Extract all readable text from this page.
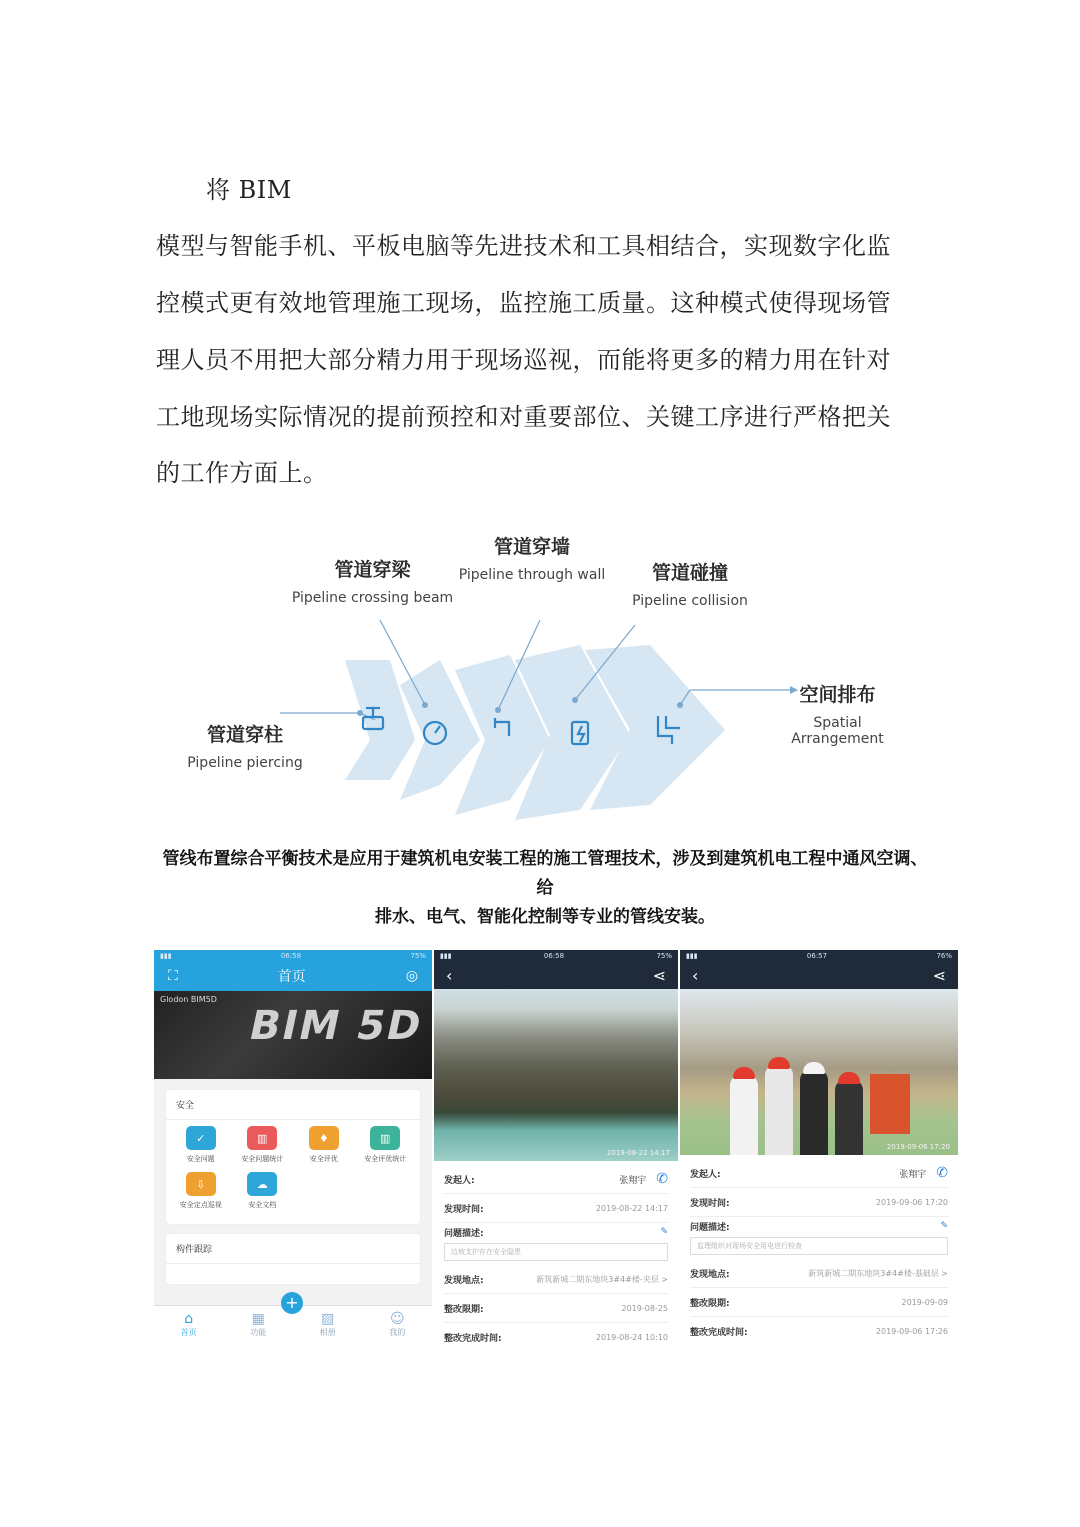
将 BIM
模型与智能手机、平板电脑等先进技术和工具相结合，实现数字化监
控模式更有效地管理施工现场，监控施工质量。这种模式使得现场管
理人员不用把大部分精力用于现场巡视，而能将更多的精力用在针对
工地现场实际情况的提前预控和对重要部位、关键工序进行严格把关
的工作方面上。
管道穿柱
Pipeline piercing
管道穿梁
Pipeline crossing beam
管道穿墙
Pipeline through wall	管道碰撞
Pipeline collision
空间排布
Spatial Arrangement
管线布置综合平衡技术是应用于建筑机电安装工程的施工管理技术，涉及到建筑机电工程中通风空调、给
排水、电气、智能化控制等专业的管线安装。
▮▮▮	06:58	75%
⛶	首页	◎
Glodon BIM5D
BIM 5D
安全
✓
安全问题
▥
安全问题统计
♦
安全评优
▥
安全评优统计
⇩
安全定点巡视
☁
安全文档
构件跟踪
⌂
首页
▦
功能
▨
相册
☺
我的
+
▮▮▮	06:58	75%
‹	⋖
2019-08-22 14:17
发起人:	张翔宇 ✆
发现时间:	2019-08-22 14:17
问题描述:	✎
边坡支护存在安全隐患
发现地点:	新筑新城二期东地块3#4#楼-夹层 >
整改限期:	2019-08-25
整改完成时间:	2019-08-24 10:10
▮▮▮	06:57	76%
‹	⋖
2019-09-06 17:20
发起人:	张翔宇 ✆
发现时间:	2019-09-06 17:20
问题描述:	✎
监理组织对现场安全用电进行检查
发现地点:	新筑新城二期东地块3#4#楼-基础层 >
整改限期:	2019-09-09
整改完成时间:	2019-09-06 17:26
